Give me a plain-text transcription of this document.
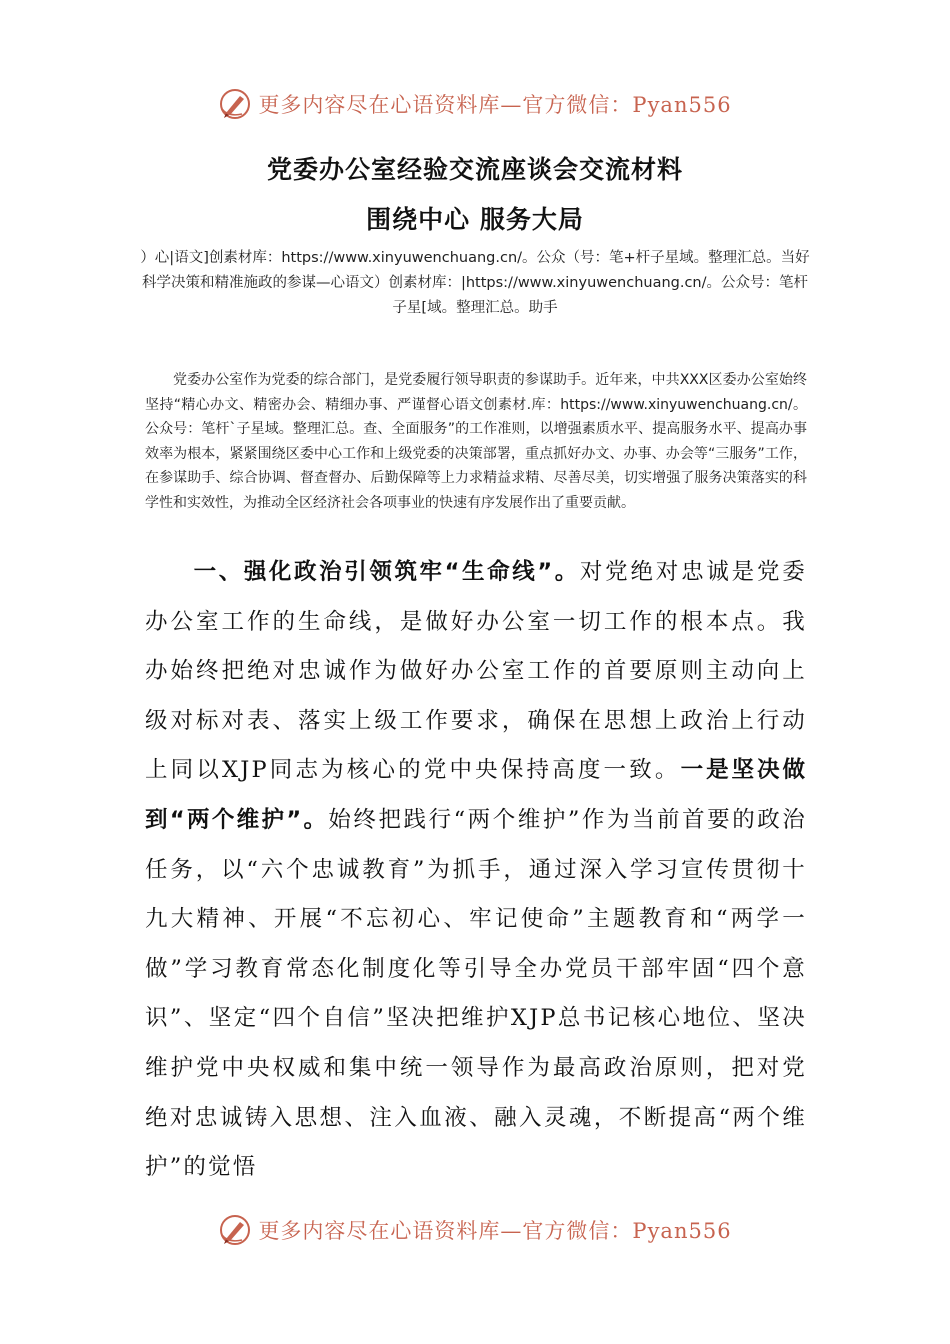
更多内容尽在心语资料库—官方微信：Pyan556
党委办公室经验交流座谈会交流材料
围绕中心 服务大局
）心|语文]创素材库：https://www.xinyuwenchuang.cn/。公众（号：笔+杆子星域。整理汇总。当好科学决策和精准施政的参谋—心语文）创素材库：|https://www.xinyuwenchuang.cn/。公众号：笔杆子星[域。整理汇总。助手

党委办公室作为党委的综合部门，是党委履行领导职责的参谋助手。近年来，中共XXX区委办公室始终坚持“精心办文、精密办会、精细办事、严谨督心语文创素材.库：https://www.xinyuwenchuang.cn/。公众号：笔杆`子星域。整理汇总。查、全面服务”的工作准则，以增强素质水平、提高服务水平、提高办事效率为根本，紧紧围绕区委中心工作和上级党委的决策部署，重点抓好办文、办事、办会等“三服务”工作，在参谋助手、综合协调、督查督办、后勤保障等上力求精益求精、尽善尽美，切实增强了服务决策落实的科学性和实效性，为推动全区经济社会各项事业的快速有序发展作出了重要贡献。

一、强化政治引领筑牢“生命线”。对党绝对忠诚是党委办公室工作的生命线，是做好办公室一切工作的根本点。我办始终把绝对忠诚作为做好办公室工作的首要原则主动向上级对标对表、落实上级工作要求，确保在思想上政治上行动上同以XJP同志为核心的党中央保持高度一致。一是坚决做到“两个维护”。始终把践行“两个维护”作为当前首要的政治任务，以“六个忠诚教育”为抓手，通过深入学习宣传贯彻十九大精神、开展“不忘初心、牢记使命”主题教育和“两学一做”学习教育常态化制度化等引导全办党员干部牢固“四个意识”、坚定“四个自信”坚决把维护XJP总书记核心地位、坚决维护党中央权威和集中统一领导作为最高政治原则，把对党绝对忠诚铸入思想、注入血液、融入灵魂，不断提高“两个维护”的觉悟

更多内容尽在心语资料库—官方微信：Pyan556
